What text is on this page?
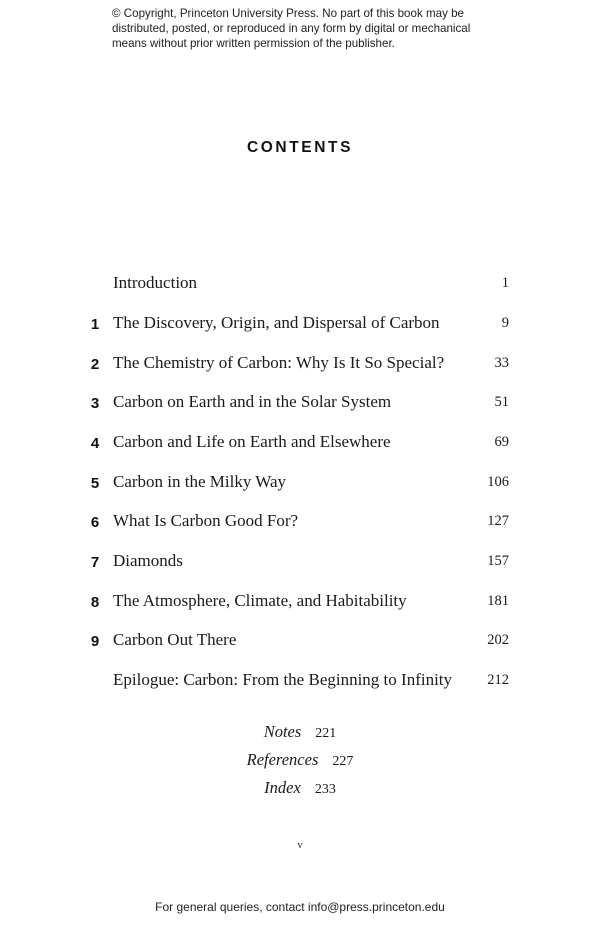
© Copyright, Princeton University Press. No part of this book may be
distributed, posted, or reproduced in any form by digital or mechanical
means without prior written permission of the publisher.
CONTENTS
Introduction	1
1 The Discovery, Origin, and Dispersal of Carbon	9
2 The Chemistry of Carbon: Why Is It So Special?	33
3 Carbon on Earth and in the Solar System	51
4 Carbon and Life on Earth and Elsewhere	69
5 Carbon in the Milky Way	106
6 What Is Carbon Good For?	127
7 Diamonds	157
8 The Atmosphere, Climate, and Habitability	181
9 Carbon Out There	202
Epilogue: Carbon: From the Beginning to Infinity 212
Notes 221
References 227
Index 233
v
For general queries, contact info@press.princeton.edu
